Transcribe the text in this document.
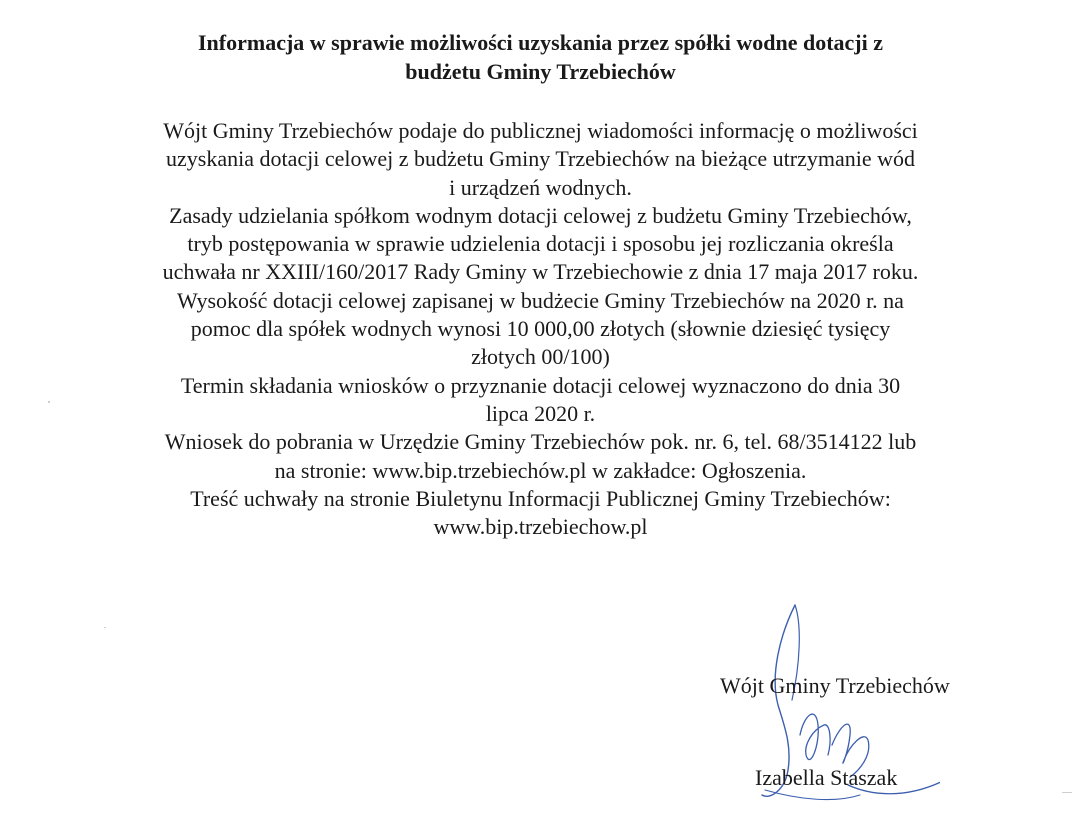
Informacja w sprawie możliwości uzyskania przez spółki wodne dotacji z
budżetu Gminy Trzebiechów
Wójt Gminy Trzebiechów podaje do publicznej wiadomości informację o możliwości
uzyskania dotacji celowej z budżetu Gminy Trzebiechów na bieżące utrzymanie wód
i urządzeń wodnych.
Zasady udzielania spółkom wodnym dotacji celowej z budżetu Gminy Trzebiechów,
tryb postępowania w sprawie udzielenia dotacji i sposobu jej rozliczania określa
uchwała nr XXIII/160/2017 Rady Gminy w Trzebiechowie z dnia 17 maja 2017 roku.
Wysokość dotacji celowej zapisanej w budżecie Gminy Trzebiechów na 2020 r. na
pomoc dla spółek wodnych wynosi 10 000,00 złotych (słownie dziesięć tysięcy
złotych 00/100)
Termin składania wniosków o przyznanie dotacji celowej wyznaczono do dnia 30
lipca 2020 r.
Wniosek do pobrania w Urzędzie Gminy Trzebiechów pok. nr. 6, tel. 68/3514122 lub
na stronie: www.bip.trzebiechów.pl w zakładce: Ogłoszenia.
Treść uchwały na stronie Biuletynu Informacji Publicznej Gminy Trzebiechów:
www.bip.trzebiechow.pl
Wójt Gminy Trzebiechów
Izabella Staszak
